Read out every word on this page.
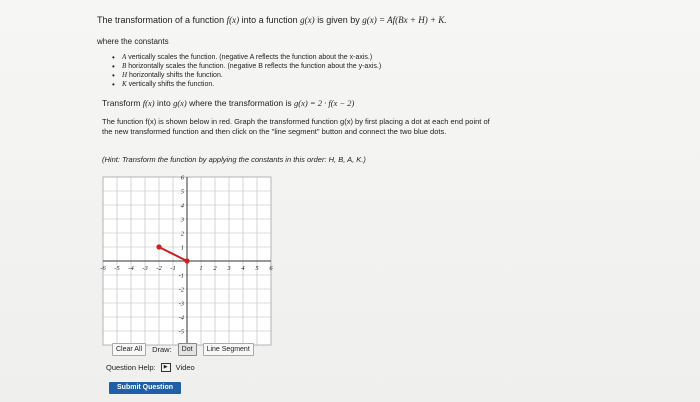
The transformation of a function f(x) into a function g(x) is given by g(x) = Af(Bx + H) + K.
where the constants
• A vertically scales the function. (negative A reflects the function about the x-axis.)
• B horizontally scales the function. (negative B reflects the function about the y-axis.)
• H horizontally shifts the function.
• K vertically shifts the function.
Transform f(x) into g(x) where the transformation is g(x) = 2 · f(x − 2)
The function f(x) is shown below in red. Graph the transformed function g(x) by first placing a dot at each end point of the new transformed function and then click on the "line segment" button and connect the two blue dots.
(Hint: Transform the function by applying the constants in this order: H, B, A, K.)
-6 -5 -4 -3 -2 -1	1 2 3 4 5 6
6
5
4
3
2
1
-1
-2
-3
-4
-5
Clear All	Draw:	Dot	Line Segment
Question Help:	▶	Video
Submit Question
